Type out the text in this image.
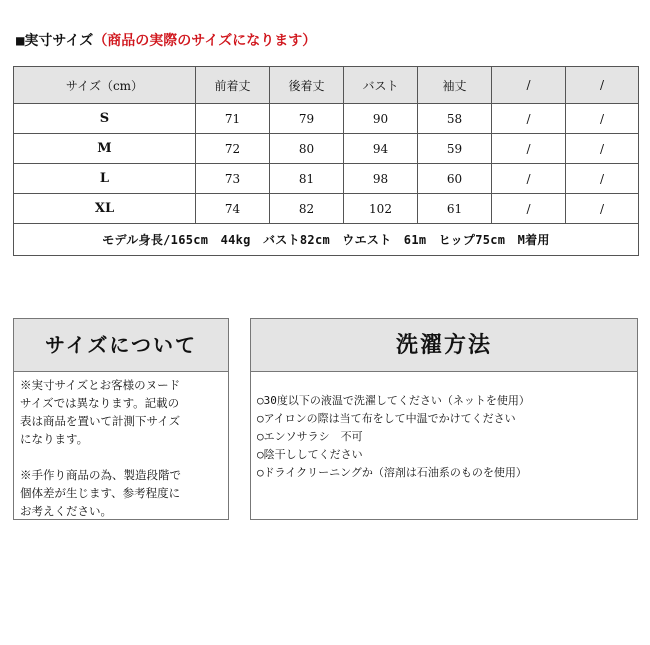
■実寸サイズ（商品の実際のサイズになります）
サイズ（cm）	前着丈	後着丈	バスト	袖丈	/	/
S	71	79	90	58	/	/
M	72	80	94	59	/	/
L	73	81	98	60	/	/
XL	74	82	102	61	/	/
モデル身長/165cm　44kg　バスト82cm　ウエスト　61m　ヒップ75cm　M着用						
サイズについて

※実寸サイズとお客様のヌード

サイズでは異なります。記載の

表は商品を置いて計測下サイズ

になります。

※手作り商品の為、製造段階で

個体差が生じます、参考程度に

お考えください。

洗濯方法

○30度以下の液温で洗濯してください（ネットを使用）

○アイロンの際は当て布をして中温でかけてください

○エンソサラシ　不可

○陰干ししてください

○ドライクリーニングか（溶剤は石油系のものを使用）
